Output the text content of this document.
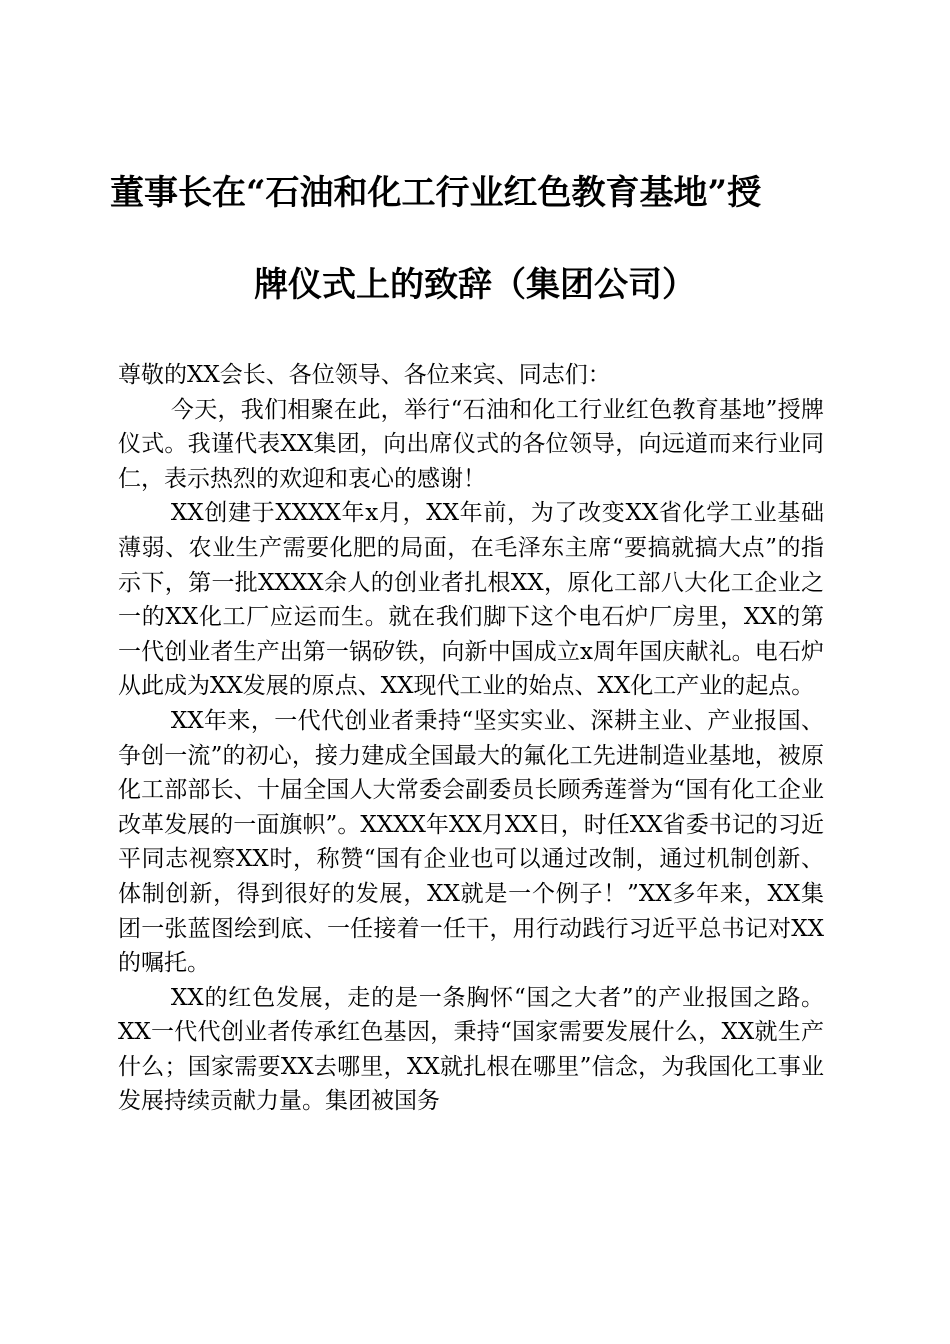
董事长在“石油和化工行业红色教育基地”授
牌仪式上的致辞（集团公司）

尊敬的XX会长、各位领导、各位来宾、同志们：

今天，我们相聚在此，举行“石油和化工行业红色教育基地”授牌仪式。我谨代表XX集团，向出席仪式的各位领导，向远道而来行业同仁，表示热烈的欢迎和衷心的感谢！

XX创建于XXXX年x月，XX年前，为了改变XX省化学工业基础薄弱、农业生产需要化肥的局面，在毛泽东主席“要搞就搞大点”的指示下，第一批XXXX余人的创业者扎根XX，原化工部八大化工企业之一的XX化工厂应运而生。就在我们脚下这个电石炉厂房里，XX的第一代创业者生产出第一锅矽铁，向新中国成立x周年国庆献礼。电石炉从此成为XX发展的原点、XX现代工业的始点、XX化工产业的起点。

XX年来，一代代创业者秉持“坚实实业、深耕主业、产业报国、争创一流”的初心，接力建成全国最大的氟化工先进制造业基地，被原化工部部长、十届全国人大常委会副委员长顾秀莲誉为“国有化工企业改革发展的一面旗帜”。XXXX年XX月XX日，时任XX省委书记的习近平同志视察XX时，称赞“国有企业也可以通过改制，通过机制创新、体制创新，得到很好的发展，XX就是一个例子！”XX多年来，XX集团一张蓝图绘到底、一任接着一任干，用行动践行习近平总书记对XX的嘱托。

XX的红色发展，走的是一条胸怀“国之大者”的产业报国之路。XX一代代创业者传承红色基因，秉持“国家需要发展什么，XX就生产什么；国家需要XX去哪里，XX就扎根在哪里”信念，为我国化工事业发展持续贡献力量。集团被国务
